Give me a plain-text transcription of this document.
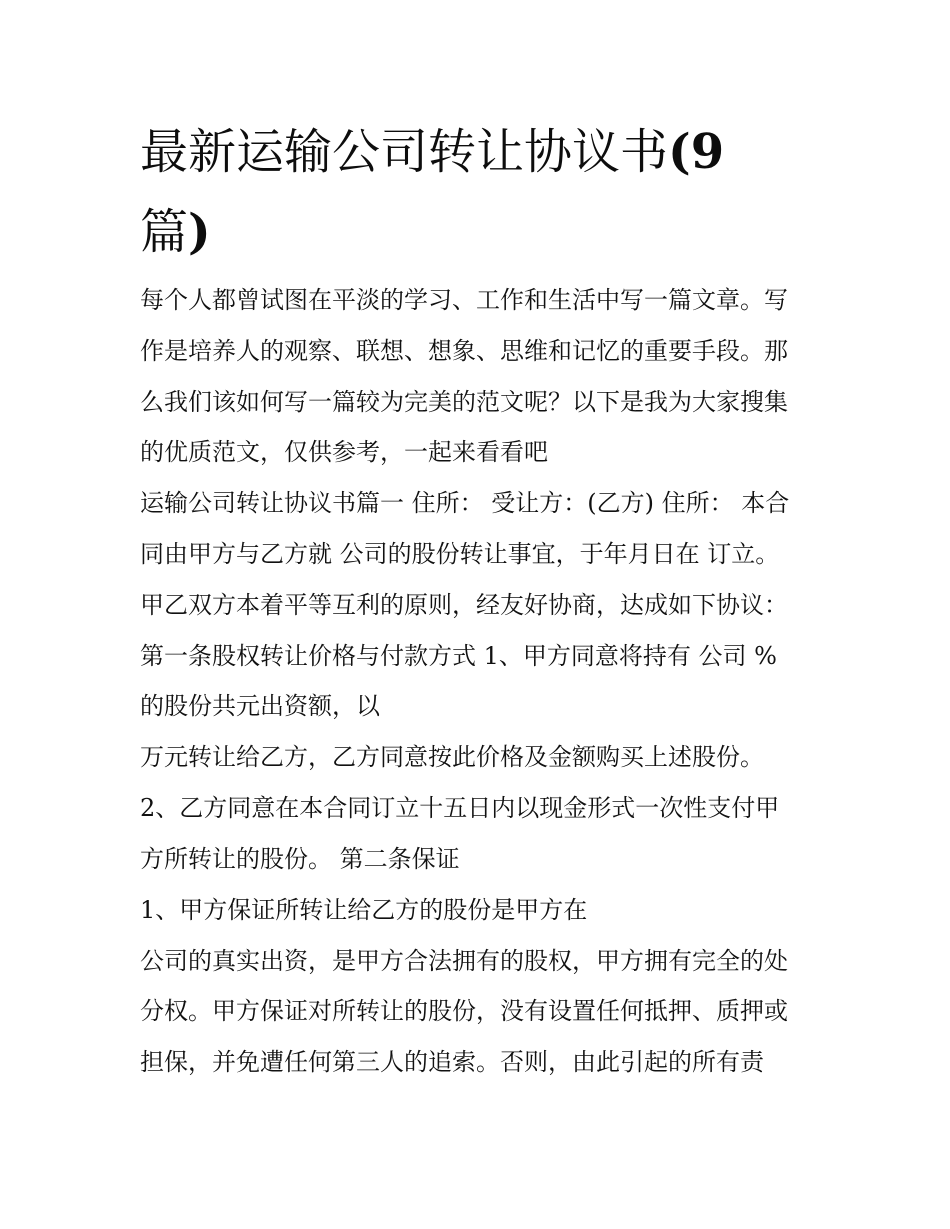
最新运输公司转让协议书(9
篇)

每个人都曾试图在平淡的学习、工作和生活中写一篇文章。写

作是培养人的观察、联想、想象、思维和记忆的重要手段。那

么我们该如何写一篇较为完美的范文呢？以下是我为大家搜集

的优质范文，仅供参考，一起来看看吧

运输公司转让协议书篇一 住所： 受让方：(乙方) 住所： 本合

同由甲方与乙方就 公司的股份转让事宜，于年月日在 订立。

甲乙双方本着平等互利的原则，经友好协商，达成如下协议：

第一条股权转让价格与付款方式 1、甲方同意将持有 公司 %

的股份共元出资额，以

万元转让给乙方，乙方同意按此价格及金额购买上述股份。

2、乙方同意在本合同订立十五日内以现金形式一次性支付甲

方所转让的股份。 第二条保证

1、甲方保证所转让给乙方的股份是甲方在

公司的真实出资，是甲方合法拥有的股权，甲方拥有完全的处

分权。甲方保证对所转让的股份，没有设置任何抵押、质押或

担保，并免遭任何第三人的追索。否则，由此引起的所有责
